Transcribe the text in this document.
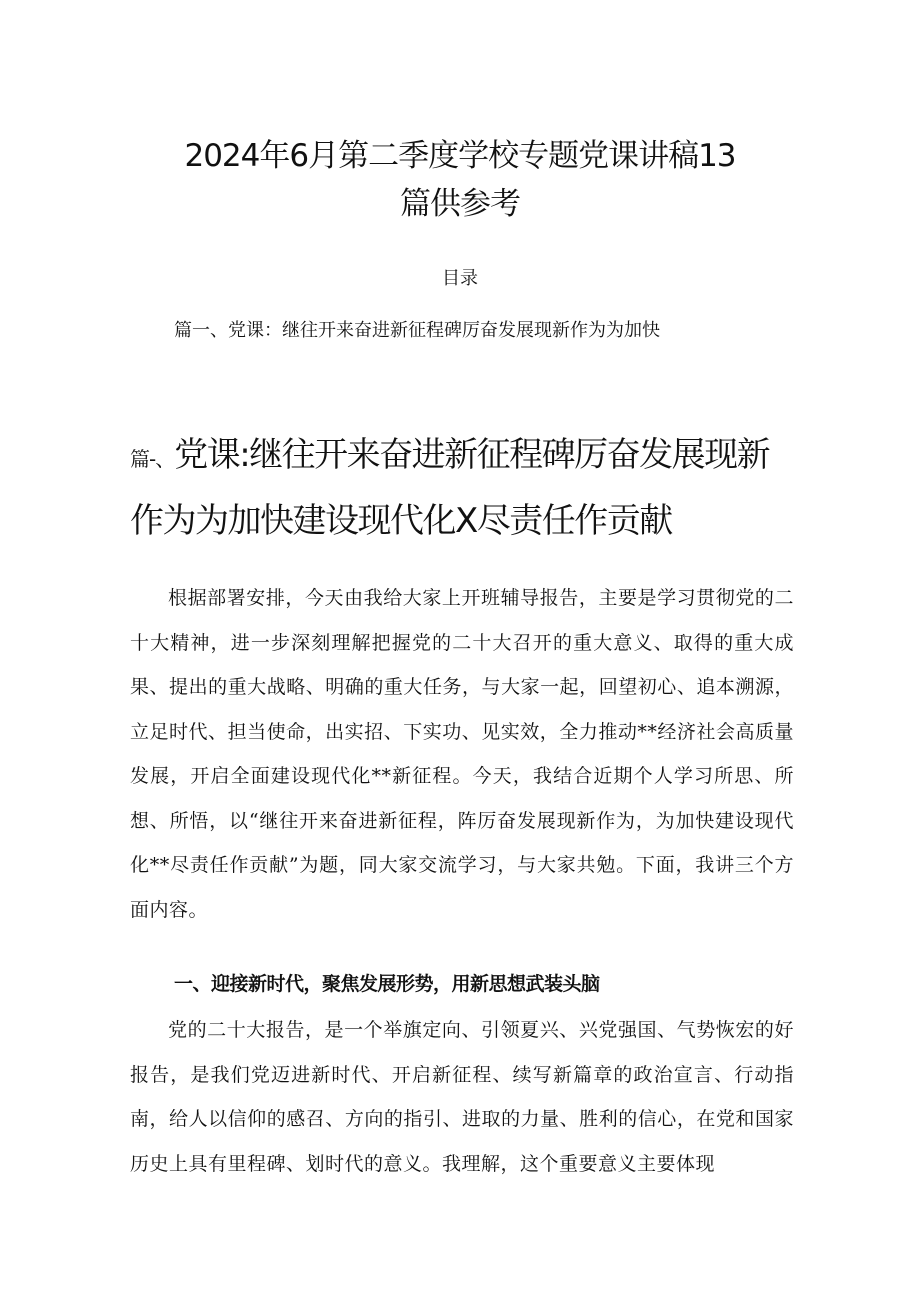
2024年6月第二季度学校专题党课讲稿13
篇供参考

目录

篇一、党课：继往开来奋进新征程碑厉奋发展现新作为为加快

篇-、党课:继往开来奋进新征程碑厉奋发展现新
作为为加快建设现代化X尽责任作贡献

根据部署安排，今天由我给大家上开班辅导报告，主要是学习贯彻党的二十大精神，进一步深刻理解把握党的二十大召开的重大意义、取得的重大成果、提出的重大战略、明确的重大任务，与大家一起，回望初心、追本溯源，立足时代、担当使命，出实招、下实功、见实效，全力推动**经济社会高质量发展，开启全面建设现代化**新征程。今天，我结合近期个人学习所思、所想、所悟，以“继往开来奋进新征程，阵厉奋发展现新作为，为加快建设现代化**尽责任作贡献”为题，同大家交流学习，与大家共勉。下面，我讲三个方面内容。

一、迎接新时代，聚焦发展形势，用新思想武装头脑

党的二十大报告，是一个举旗定向、引领夏兴、兴党强国、气势恢宏的好报告，是我们党迈进新时代、开启新征程、续写新篇章的政治宣言、行动指南，给人以信仰的感召、方向的指引、进取的力量、胜利的信心，在党和国家历史上具有里程碑、划时代的意义。我理解，这个重要意义主要体现
